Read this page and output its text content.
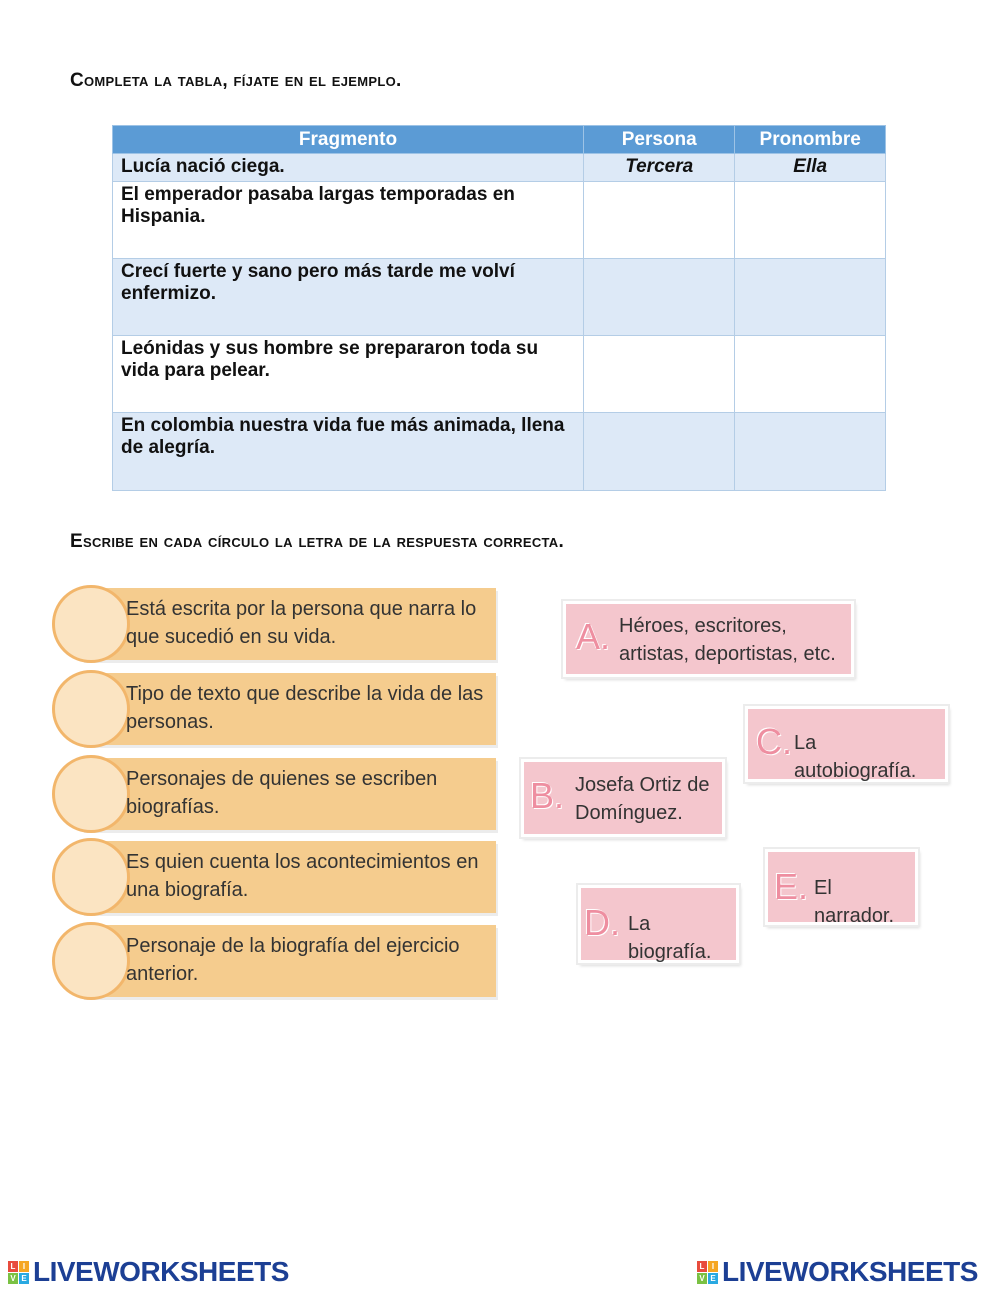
Completa la tabla, fíjate en el ejemplo.
Fragmento	Persona	Pronombre
Lucía nació ciega.	Tercera	Ella
El emperador pasaba largas temporadas en Hispania.		
Crecí fuerte y sano pero más tarde me volví enfermizo.		
Leónidas y sus hombre se prepararon toda su vida para pelear.		
En colombia nuestra vida fue más animada, llena de alegría.		
Escribe en cada círculo la letra de la respuesta correcta.
Está escrita por la persona que narra lo que sucedió en su vida.
Tipo de texto que describe la vida de las personas.
Personajes de quienes se escriben biografías.
Es quien cuenta los acontecimientos en una biografía.
Personaje de la biografía del ejercicio anterior.
A. Héroes, escritores, artistas, deportistas, etc.
C. La autobiografía.
B. Josefa Ortiz de Domínguez.
E. El narrador.
D. La biografía.
L I
V E LIVEWORKSHEETS	L I
V E LIVEWORKSHEETS
